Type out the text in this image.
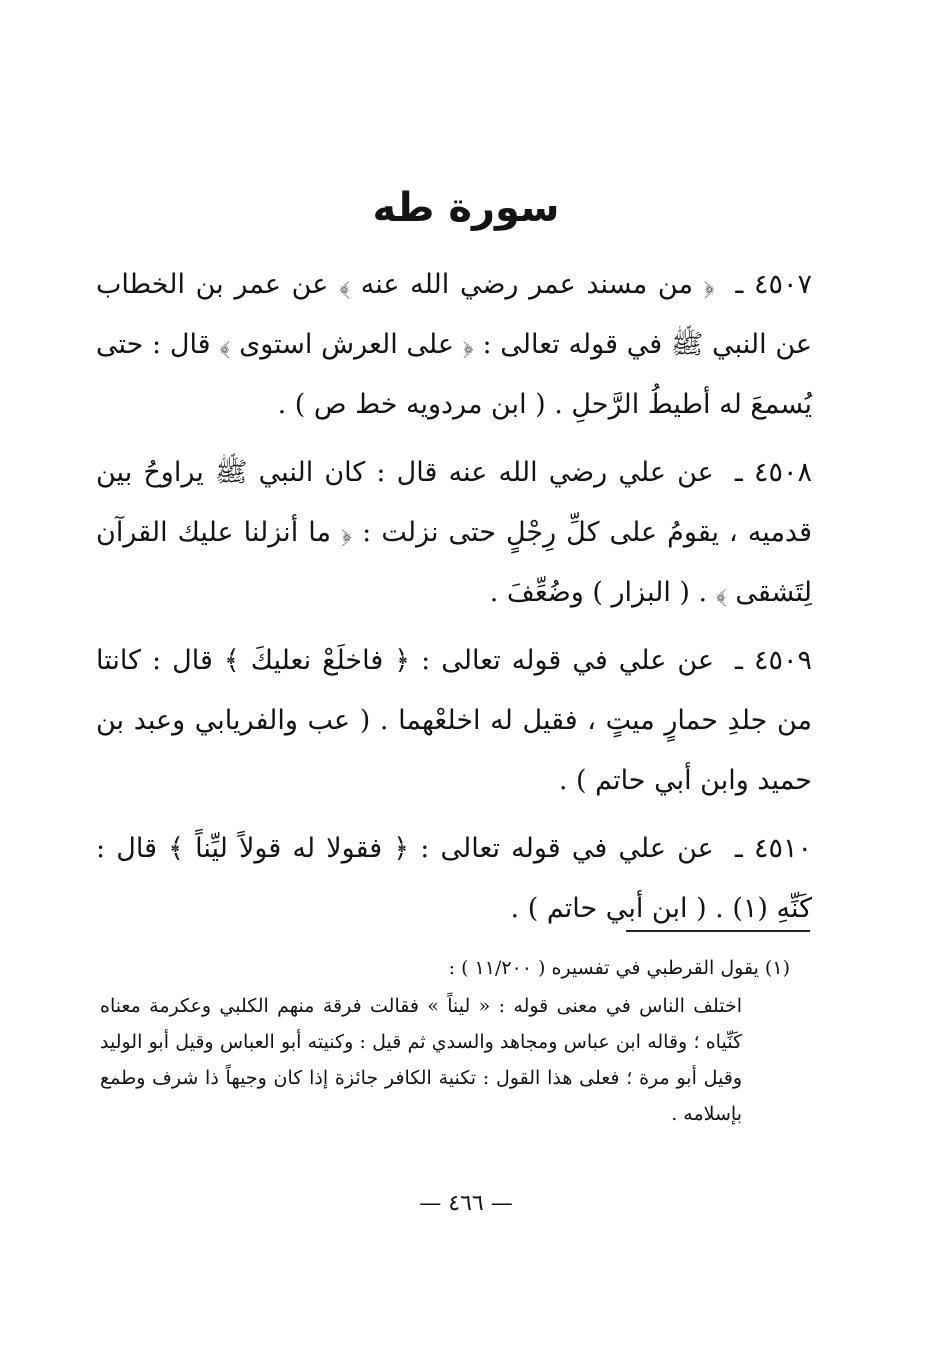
سورة طه

٤٥٠٧ ـ ﴿ من مسند عمر رضي الله عنه ﴾ عن عمر بن الخطاب عن النبي ﷺ في قوله تعالى : ﴿ على العرش استوى ﴾ قال : حتى يُسمعَ له أطيطُ الرَّحلِ . ( ابن مردويه خط ص ) .

٤٥٠٨ ـ عن علي رضي الله عنه قال : كان النبي ﷺ يراوحُ بين قدميه ، يقومُ على كلِّ رِجْلٍ حتى نزلت : ﴿ ما أنزلنا عليك القرآن لِتَشقى ﴾ . ( البزار ) وضُعِّفَ .

٤٥٠٩ ـ عن علي في قوله تعالى : ﴿ فاخلَعْ نعليكَ ﴾ قال : كانتا من جلدِ حمارٍ ميتٍ ، فقيل له اخلعْهما . ( عب والفريابي وعبد بن حميد وابن أبي حاتم ) .

٤٥١٠ ـ عن علي في قوله تعالى : ﴿ فقولا له قولاً ليِّناً ﴾ قال : كَنِّهِ (١) . ( ابن أبي حاتم ) .

(١) يقول القرطبي في تفسيره ( ١١/٢٠٠ ) :

اختلف الناس في معنى قوله : « ليناً » فقالت فرقة منهم الكلبي وعكرمة معناه كَنِّياه ؛ وقاله ابن عباس ومجاهد والسدي ثم قيل : وكنيته أبو العباس وقيل أبو الوليد وقيل أبو مرة ؛ فعلى هذا القول : تكنية الكافر جائزة إذا كان وجيهاً ذا شرف وطمع بإسلامه .

— ٤٦٦ —
